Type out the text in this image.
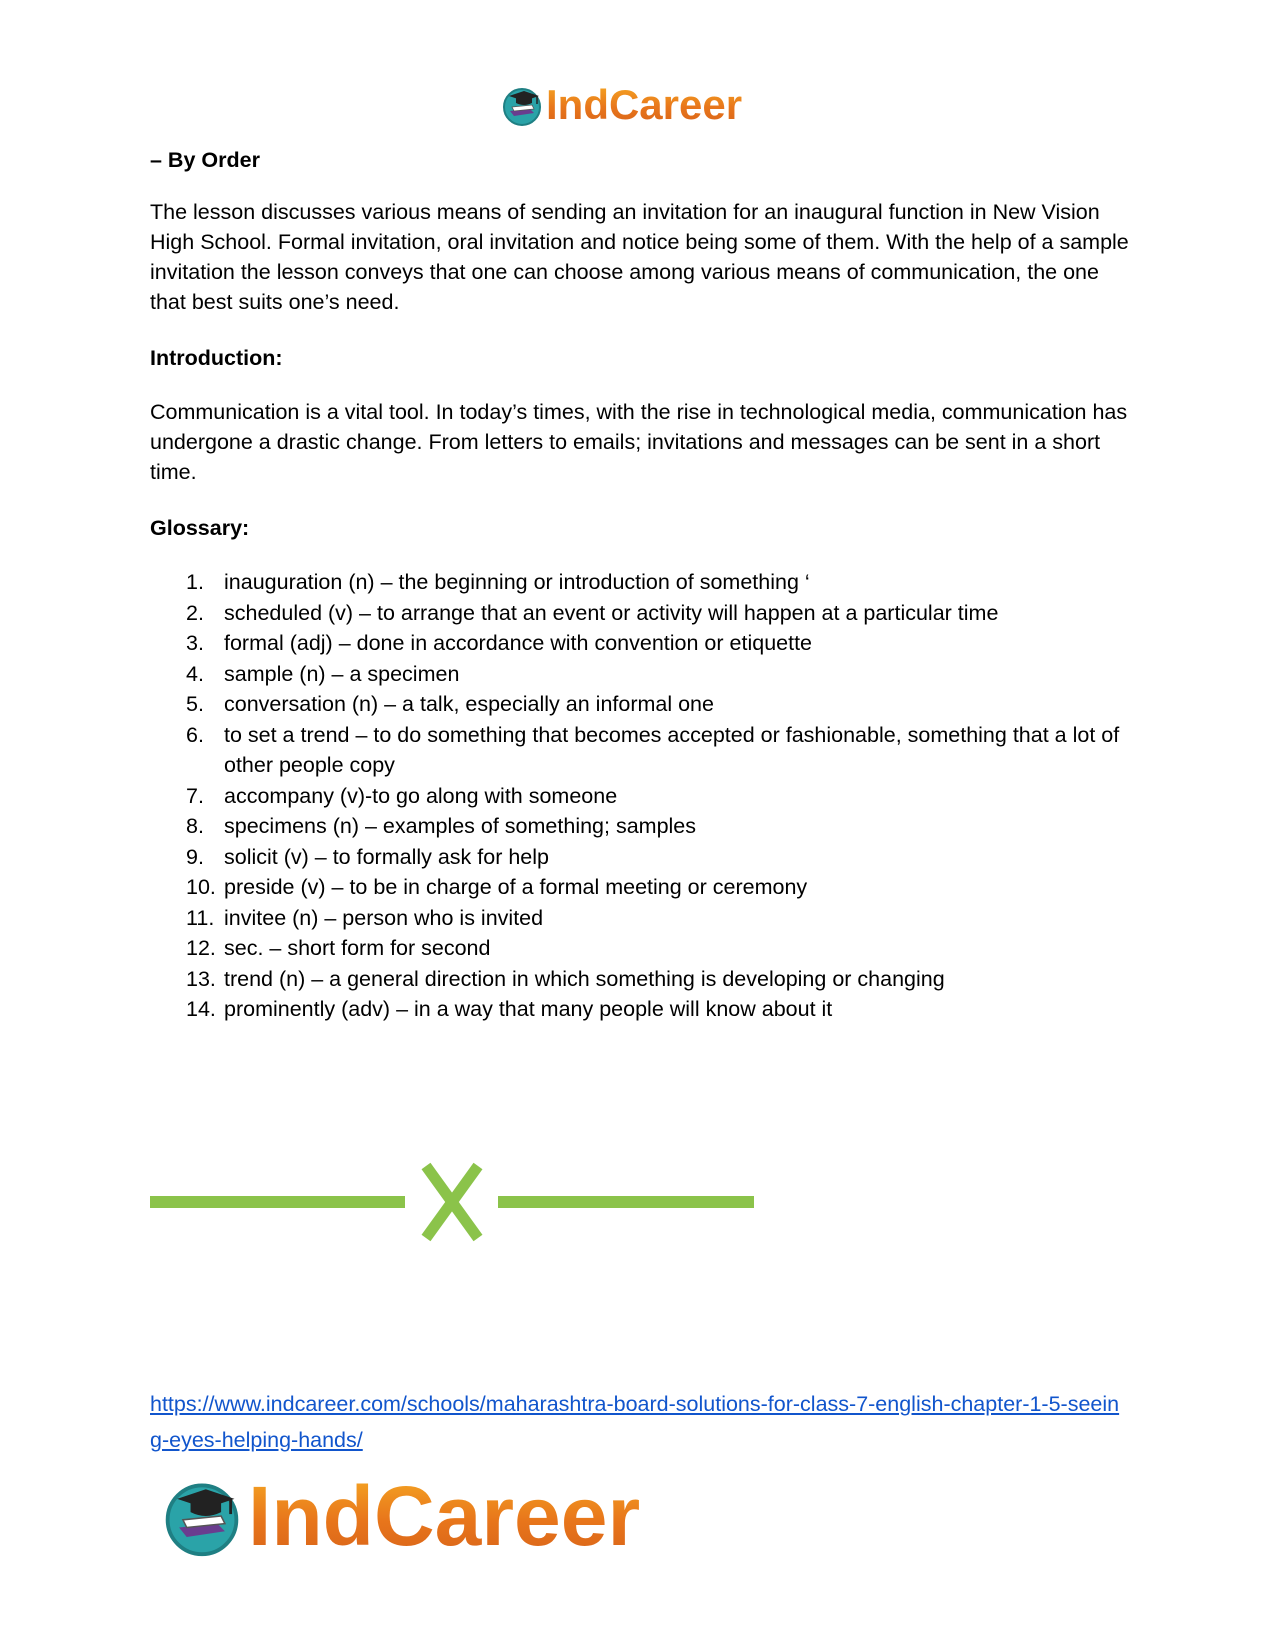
IndCareer

– By Order

The lesson discusses various means of sending an invitation for an inaugural function in New Vision High School. Formal invitation, oral invitation and notice being some of them. With the help of a sample invitation the lesson conveys that one can choose among various means of communication, the one that best suits one’s need.

Introduction:

Communication is a vital tool. In today’s times, with the rise in technological media, communication has undergone a drastic change. From letters to emails; invitations and messages can be sent in a short time.

Glossary:

1. inauguration (n) – the beginning or introduction of something ‘
2. scheduled (v) – to arrange that an event or activity will happen at a particular time
3. formal (adj) – done in accordance with convention or etiquette
4. sample (n) – a specimen
5. conversation (n) – a talk, especially an informal one
6. to set a trend – to do something that becomes accepted or fashionable, something that a lot of other people copy
7. accompany (v)-to go along with someone
8. specimens (n) – examples of something; samples
9. solicit (v) – to formally ask for help
10. preside (v) – to be in charge of a formal meeting or ceremony
11. invitee (n) – person who is invited
12. sec. – short form for second
13. trend (n) – a general direction in which something is developing or changing
14. prominently (adv) – in a way that many people will know about it
https://www.indcareer.com/schools/maharashtra-board-solutions-for-class-7-english-chapter-1-5-seeing-eyes-helping-hands/
IndCareer
